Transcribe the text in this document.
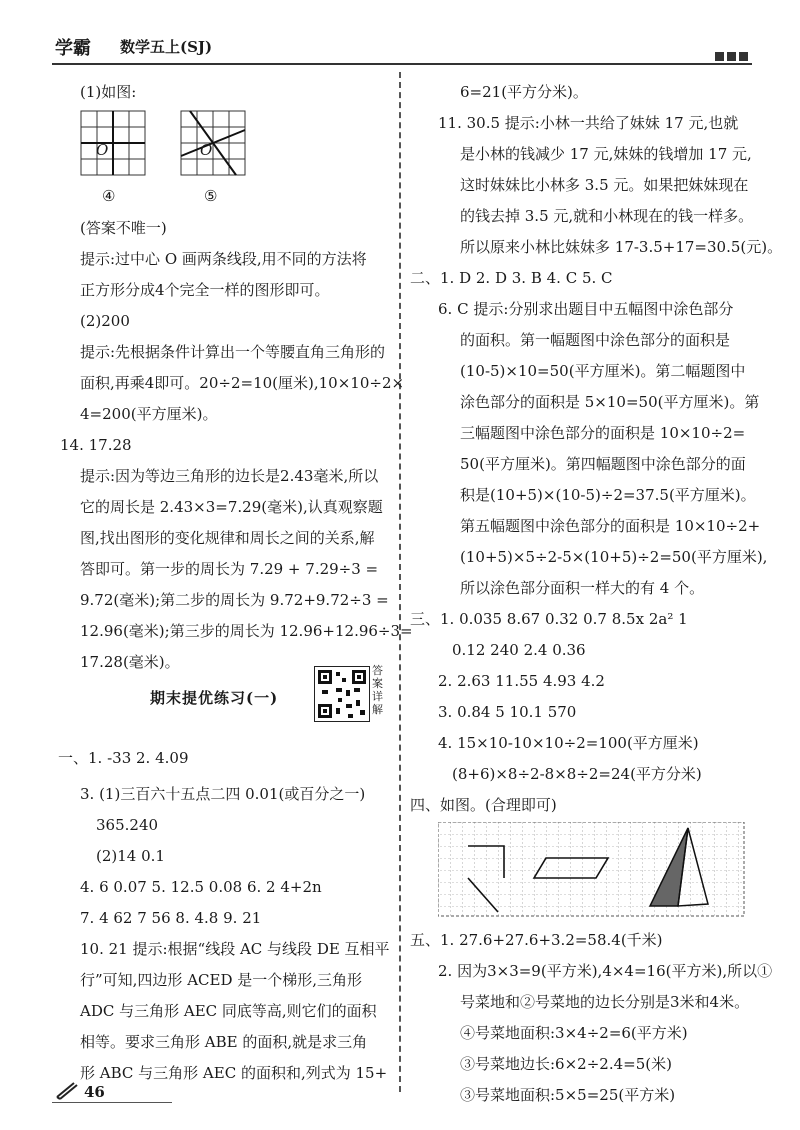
学霸 数学五上(SJ)
(1)如图:
O
④
O
⑤
(答案不唯一)
提示:过中心 O 画两条线段,用不同的方法将
正方形分成4个完全一样的图形即可。
(2)200
提示:先根据条件计算出一个等腰直角三角形的
面积,再乘4即可。20÷2=10(厘米),10×10÷2×
4=200(平方厘米)。
14. 17.28
提示:因为等边三角形的边长是2.43毫米,所以
它的周长是 2.43×3=7.29(毫米),认真观察题
图,找出图形的变化规律和周长之间的关系,解
答即可。第一步的周长为 7.29 + 7.29÷3 =
9.72(毫米);第二步的周长为 9.72+9.72÷3 =
12.96(毫米);第三步的周长为 12.96+12.96÷3=
17.28(毫米)。
期末提优练习(一)
答案详解
一、1. -33 2. 4.09
3. (1)三百六十五点二四 0.01(或百分之一)
365.240
(2)14 0.1
4. 6 0.07 5. 12.5 0.08 6. 2 4+2n
7. 4 62 7 56 8. 4.8 9. 21
10. 21 提示:根据“线段 AC 与线段 DE 互相平
行”可知,四边形 ACED 是一个梯形,三角形
ADC 与三角形 AEC 同底等高,则它们的面积
相等。要求三角形 ABE 的面积,就是求三角
形 ABC 与三角形 AEC 的面积和,列式为 15+
46
6=21(平方分米)。
11. 30.5 提示:小林一共给了妹妹 17 元,也就
是小林的钱减少 17 元,妹妹的钱增加 17 元,
这时妹妹比小林多 3.5 元。如果把妹妹现在
的钱去掉 3.5 元,就和小林现在的钱一样多。
所以原来小林比妹妹多 17-3.5+17=30.5(元)。
二、1. D 2. D 3. B 4. C 5. C
6. C 提示:分别求出题目中五幅图中涂色部分
的面积。第一幅题图中涂色部分的面积是
(10-5)×10=50(平方厘米)。第二幅题图中
涂色部分的面积是 5×10=50(平方厘米)。第
三幅题图中涂色部分的面积是 10×10÷2=
50(平方厘米)。第四幅题图中涂色部分的面
积是(10+5)×(10-5)÷2=37.5(平方厘米)。
第五幅题图中涂色部分的面积是 10×10÷2+
(10+5)×5÷2-5×(10+5)÷2=50(平方厘米),
所以涂色部分面积一样大的有 4 个。
三、1. 0.035 8.67 0.32 0.7 8.5x 2a² 1
0.12 240 2.4 0.36
2. 2.63 11.55 4.93 4.2
3. 0.84 5 10.1 570
4. 15×10-10×10÷2=100(平方厘米)
(8+6)×8÷2-8×8÷2=24(平方分米)
四、如图。(合理即可)
五、1. 27.6+27.6+3.2=58.4(千米)
2. 因为3×3=9(平方米),4×4=16(平方米),所以①
号菜地和②号菜地的边长分别是3米和4米。
④号菜地面积:3×4÷2=6(平方米)
③号菜地边长:6×2÷2.4=5(米)
③号菜地面积:5×5=25(平方米)
